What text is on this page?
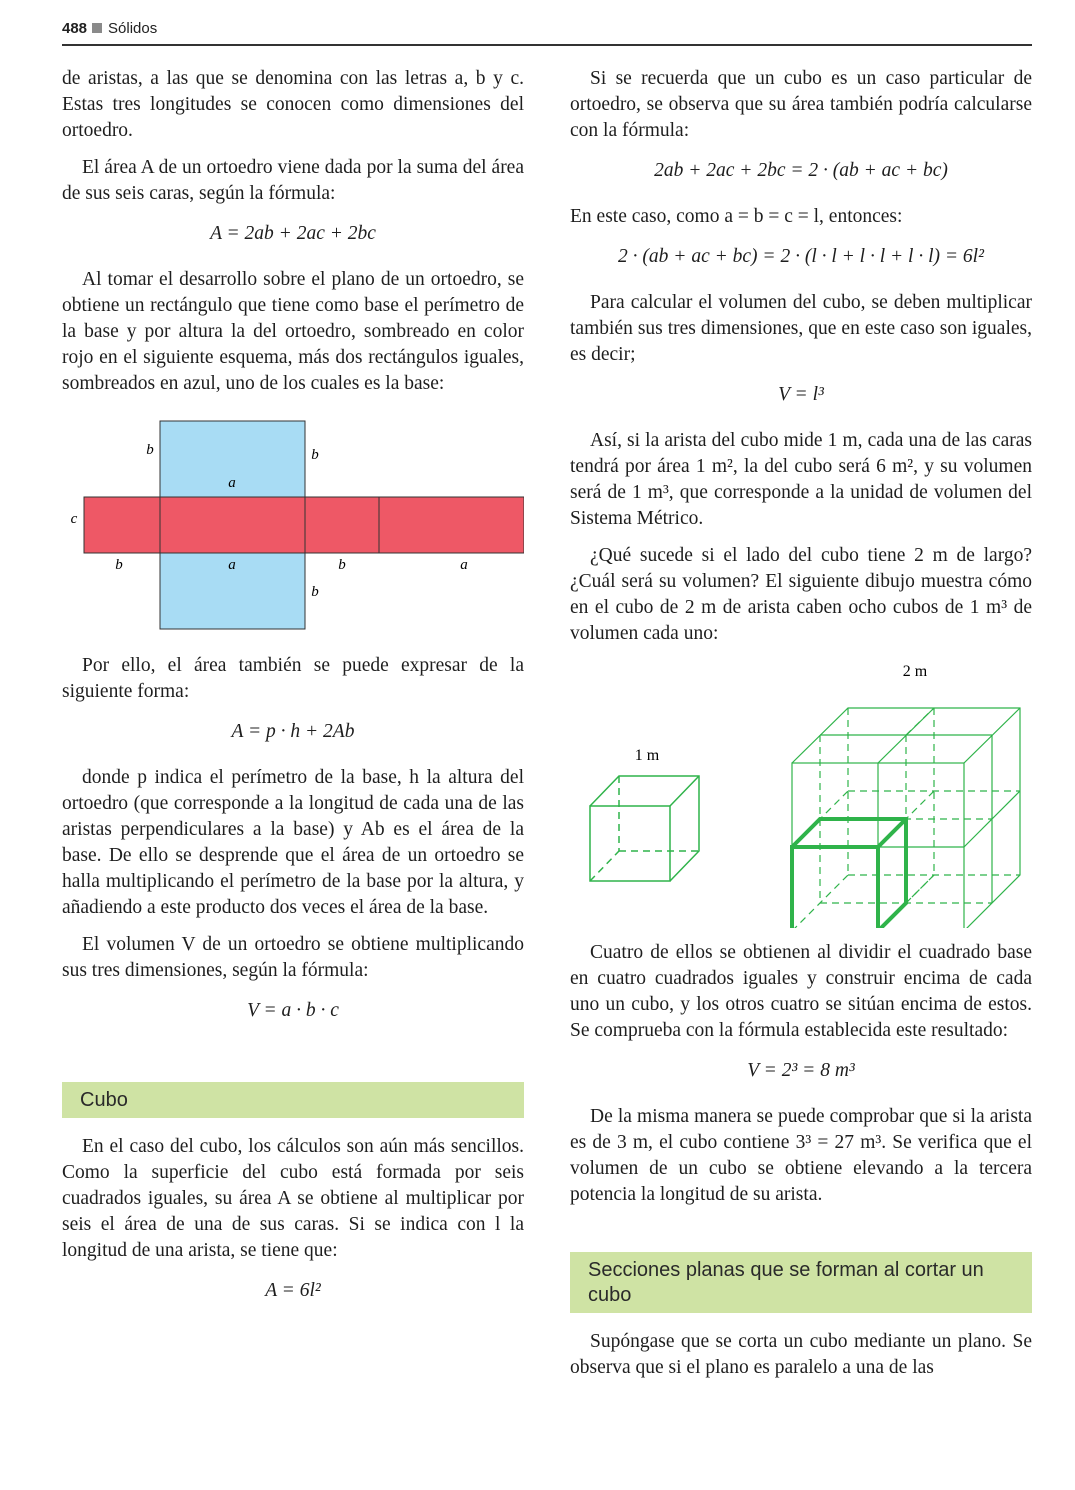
488 Sólidos

de aristas, a las que se denomina con las letras a, b y c. Estas tres longitudes se conocen como dimensiones del ortoedro.

El área A de un ortoedro viene dada por la suma del área de sus seis caras, según la fórmula:

A = 2ab + 2ac + 2bc

Al tomar el desarrollo sobre el plano de un ortoedro, se obtiene un rectángulo que tiene como base el perímetro de la base y por altura la del ortoedro, sombreado en color rojo en el siguiente esquema, más dos rectángulos iguales, sombreados en azul, uno de los cuales es la base:

b	b
a
c
b	a	b	a
b

Por ello, el área también se puede expresar de la siguiente forma:

A = p · h + 2Ab

donde p indica el perímetro de la base, h la altura del ortoedro (que corresponde a la longitud de cada una de las aristas perpendiculares a la base) y Ab es el área de la base. De ello se desprende que el área de un ortoedro se halla multiplicando el perímetro de la base por la altura, y añadiendo a este producto dos veces el área de la base.

El volumen V de un ortoedro se obtiene multiplicando sus tres dimensiones, según la fórmula:

V = a · b · c
Cubo

En el caso del cubo, los cálculos son aún más sencillos. Como la superficie del cubo está formada por seis cuadrados iguales, su área A se obtiene al multiplicar por seis el área de una de sus caras. Si se indica con l la longitud de una arista, se tiene que:

A = 6l²

Si se recuerda que un cubo es un caso particular de ortoedro, se observa que su área también podría calcularse con la fórmula:

2ab + 2ac + 2bc = 2 · (ab + ac + bc)

En este caso, como a = b = c = l, entonces:

2 · (ab + ac + bc) = 2 · (l · l + l · l + l · l) = 6l²

Para calcular el volumen del cubo, se deben multiplicar también sus tres dimensiones, que en este caso son iguales, es decir;

V = l³

Así, si la arista del cubo mide 1 m, cada una de las caras tendrá por área 1 m², la del cubo será 6 m², y su volumen será de 1 m³, que corresponde a la unidad de volumen del Sistema Métrico.

¿Qué sucede si el lado del cubo tiene 2 m de largo? ¿Cuál será su volumen? El siguiente dibujo muestra cómo en el cubo de 2 m de arista caben ocho cubos de 1 m³ de volumen cada uno:

2 m
1 m

Cuatro de ellos se obtienen al dividir el cuadrado base en cuatro cuadrados iguales y construir encima de cada uno un cubo, y los otros cuatro se sitúan encima de estos. Se comprueba con la fórmula establecida este resultado:

V = 2³ = 8 m³

De la misma manera se puede comprobar que si la arista es de 3 m, el cubo contiene 3³ = 27 m³. Se verifica que el volumen de un cubo se obtiene elevando a la tercera potencia la longitud de su arista.

Secciones planas que se forman al cortar un cubo

Supóngase que se corta un cubo mediante un plano. Se observa que si el plano es paralelo a una de las
